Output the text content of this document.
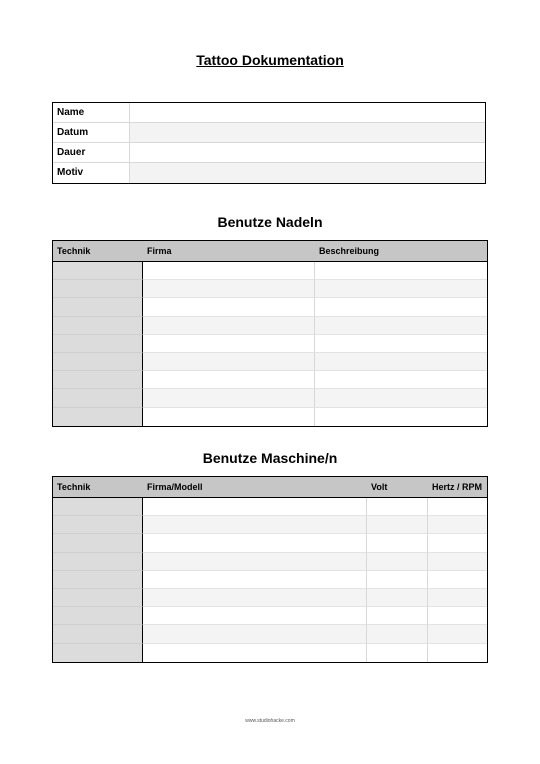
Tattoo Dokumentation
Name
Datum
Dauer
Motiv
Benutze Nadeln
Technik	Firma	Beschreibung
Benutze Maschine/n
Technik	Firma/Modell	Volt	Hertz / RPM
www.studiohacke.com
